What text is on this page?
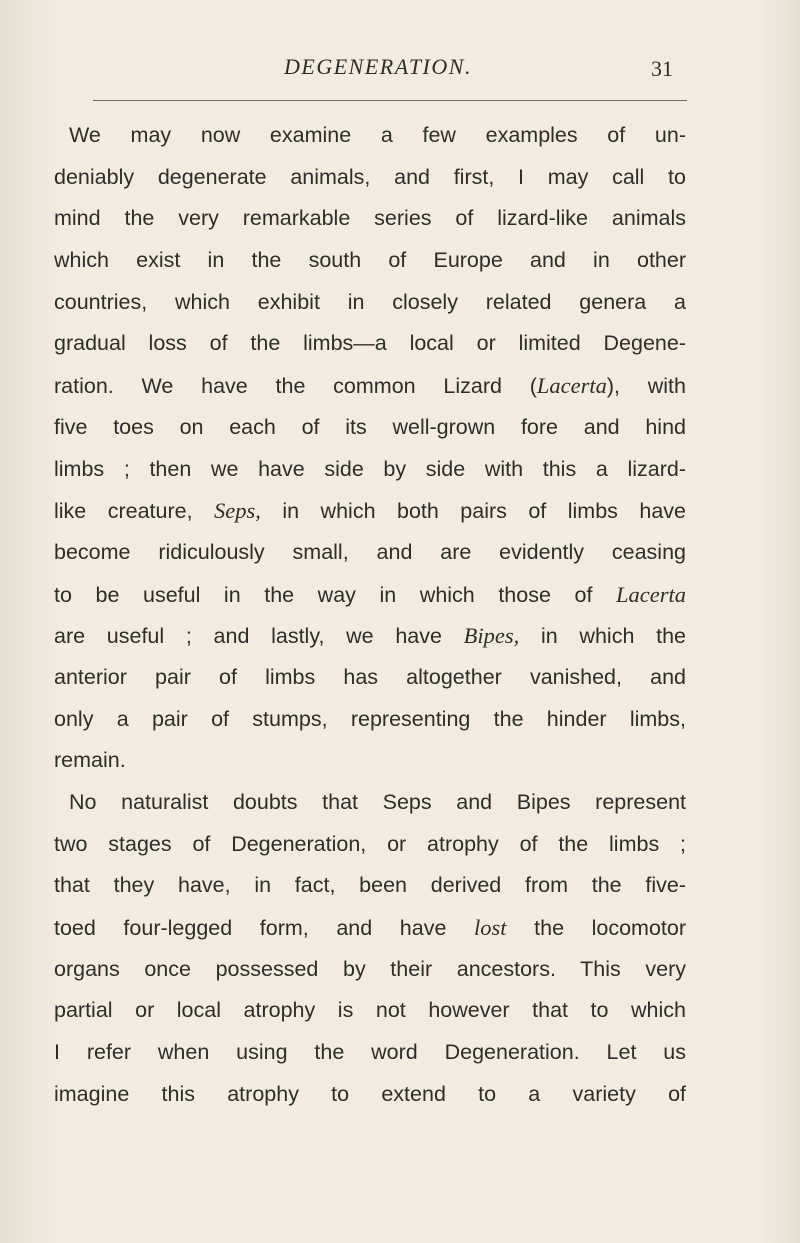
DEGENERATION.	31
We may now examine a few examples of un-
deniably degenerate animals, and first, I may call to
mind the very remarkable series of lizard-like animals
which exist in the south of Europe and in other
countries, which exhibit in closely related genera a
gradual loss of the limbs—a local or limited Degene-
ration. We have the common Lizard (Lacerta), with
five toes on each of its well-grown fore and hind
limbs ; then we have side by side with this a lizard-
like creature, Seps, in which both pairs of limbs have
become ridiculously small, and are evidently ceasing
to be useful in the way in which those of Lacerta
are useful ; and lastly, we have Bipes, in which the
anterior pair of limbs has altogether vanished, and
only a pair of stumps, representing the hinder limbs,
remain.
No naturalist doubts that Seps and Bipes represent
two stages of Degeneration, or atrophy of the limbs ;
that they have, in fact, been derived from the five-
toed four-legged form, and have lost the locomotor
organs once possessed by their ancestors. This very
partial or local atrophy is not however that to which
I refer when using the word Degeneration. Let us
imagine this atrophy to extend to a variety of
